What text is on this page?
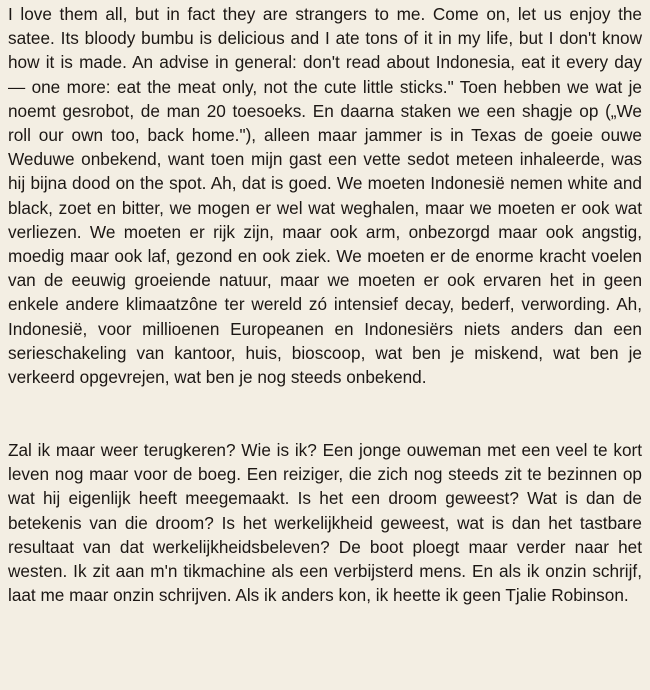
I love them all, but in fact they are strangers to me. Come on, let us enjoy the satee. Its bloody bumbu is delicious and I ate tons of it in my life, but I don't know how it is made. An advise in general: don't read about Indonesia, eat it every day — one more: eat the meat only, not the cute little sticks." Toen hebben we wat je noemt gesrobot, de man 20 toesoeks. En daarna staken we een shagje op („We roll our own too, back home."), alleen maar jammer is in Texas de goeie ouwe Weduwe onbekend, want toen mijn gast een vette sedot meteen inhaleerde, was hij bijna dood on the spot. Ah, dat is goed. We moeten Indonesië nemen white and black, zoet en bitter, we mogen er wel wat weghalen, maar we moeten er ook wat verliezen. We moeten er rijk zijn, maar ook arm, onbezorgd maar ook angstig, moedig maar ook laf, gezond en ook ziek. We moeten er de enorme kracht voelen van de eeuwig groeiende natuur, maar we moeten er ook ervaren het in geen enkele andere klimaatzône ter wereld zó intensief decay, bederf, verwording. Ah, Indonesië, voor millioenen Europeanen en Indonesiërs niets anders dan een serieschakeling van kantoor, huis, bioscoop, wat ben je miskend, wat ben je verkeerd opgevrejen, wat ben je nog steeds onbekend.

Zal ik maar weer terugkeren? Wie is ik? Een jonge ouweman met een veel te kort leven nog maar voor de boeg. Een reiziger, die zich nog steeds zit te bezinnen op wat hij eigenlijk heeft meegemaakt. Is het een droom geweest? Wat is dan de betekenis van die droom? Is het werkelijkheid geweest, wat is dan het tastbare resultaat van dat werkelijkheidsbeleven? De boot ploegt maar verder naar het westen. Ik zit aan m'n tikmachine als een verbijsterd mens. En als ik onzin schrijf, laat me maar onzin schrijven. Als ik anders kon, ik heette ik geen Tjalie Robinson.
